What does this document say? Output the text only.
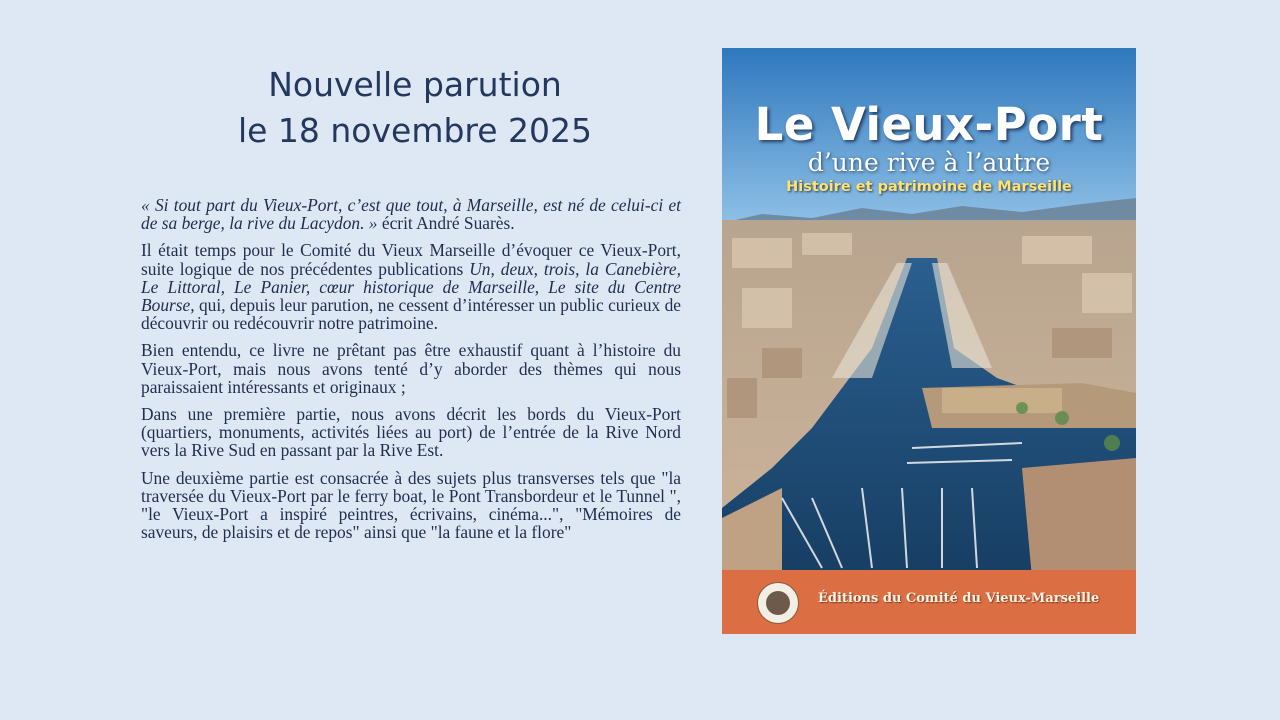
Nouvelle parution
le 18 novembre 2025

« Si tout part du Vieux-Port, c’est que tout, à Marseille, est né de celui-ci et de sa berge, la rive du Lacydon. » écrit André Suarès.

Il était temps pour le Comité du Vieux Marseille d’évoquer ce Vieux-Port, suite logique de nos précédentes publications Un, deux, trois, la Canebière, Le Littoral, Le Panier, cœur historique de Marseille, Le site du Centre Bourse, qui, depuis leur parution, ne cessent d’intéresser un public curieux de découvrir ou redécouvrir notre patrimoine.

Bien entendu, ce livre ne prêtant pas être exhaustif quant à l’histoire du Vieux-Port, mais nous avons tenté d’y aborder des thèmes qui nous paraissaient intéressants et originaux ;

Dans une première partie, nous avons décrit les bords du Vieux-Port (quartiers, monuments, activités liées au port) de l’entrée de la Rive Nord vers la Rive Sud en passant par la Rive Est.

Une deuxième partie est consacrée à des sujets plus transverses tels que "la traversée du Vieux-Port par le ferry boat, le Pont Transbordeur et le Tunnel ", "le Vieux-Port a inspiré peintres, écrivains, cinéma...", "Mémoires de saveurs, de plaisirs et de repos" ainsi que "la faune et la flore"

Le Vieux-Port
d’une rive à l’autre
Histoire et patrimoine de Marseille
Éditions du Comité du Vieux-Marseille
